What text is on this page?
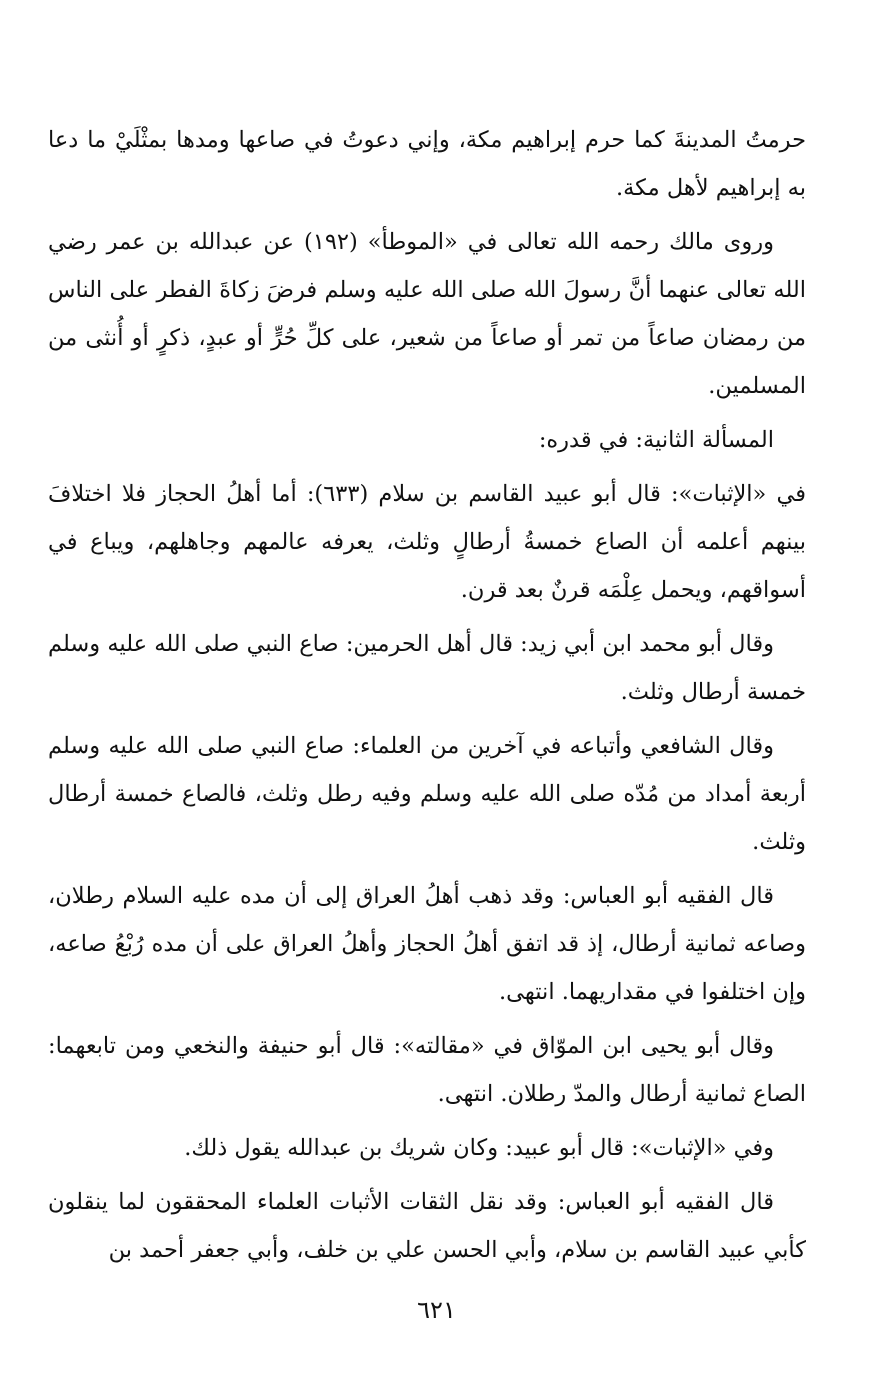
حرمتُ المدينةَ كما حرم إبراهيم مكة، وإني دعوتُ في صاعها ومدها بمثْلَيْ ما دعا به إبراهيم لأهل مكة.

وروى مالك رحمه الله تعالى في «الموطأ» (١٩٢) عن عبدالله بن عمر رضي الله تعالى عنهما أنَّ رسولَ الله صلى الله عليه وسلم فرضَ زكاةَ الفطر على الناس من رمضان صاعاً من تمر أو صاعاً من شعير، على كلِّ حُرٍّ أو عبدٍ، ذكرٍ أو أُنثى من المسلمين.

المسألة الثانية: في قدره:

في «الإثبات»: قال أبو عبيد القاسم بن سلام (٦٣٣): أما أهلُ الحجاز فلا اختلافَ بينهم أعلمه أن الصاع خمسةُ أرطالٍ وثلث، يعرفه عالمهم وجاهلهم، ويباع في أسواقهم، ويحمل عِلْمَه قرنٌ بعد قرن.

وقال أبو محمد ابن أبي زيد: قال أهل الحرمين: صاع النبي صلى الله عليه وسلم خمسة أرطال وثلث.

وقال الشافعي وأتباعه في آخرين من العلماء: صاع النبي صلى الله عليه وسلم أربعة أمداد من مُدّه صلى الله عليه وسلم وفيه رطل وثلث، فالصاع خمسة أرطال وثلث.

قال الفقيه أبو العباس: وقد ذهب أهلُ العراق إلى أن مده عليه السلام رطلان، وصاعه ثمانية أرطال، إذ قد اتفق أهلُ الحجاز وأهلُ العراق على أن مده رُبْعُ صاعه، وإن اختلفوا في مقداريهما. انتهى.

وقال أبو يحيى ابن الموّاق في «مقالته»: قال أبو حنيفة والنخعي ومن تابعهما: الصاع ثمانية أرطال والمدّ رطلان. انتهى.

وفي «الإثبات»: قال أبو عبيد: وكان شريك بن عبدالله يقول ذلك.

قال الفقيه أبو العباس: وقد نقل الثقات الأثبات العلماء المحققون لما ينقلون كأبي عبيد القاسم بن سلام، وأبي الحسن علي بن خلف، وأبي جعفر أحمد بن

٦٢١
